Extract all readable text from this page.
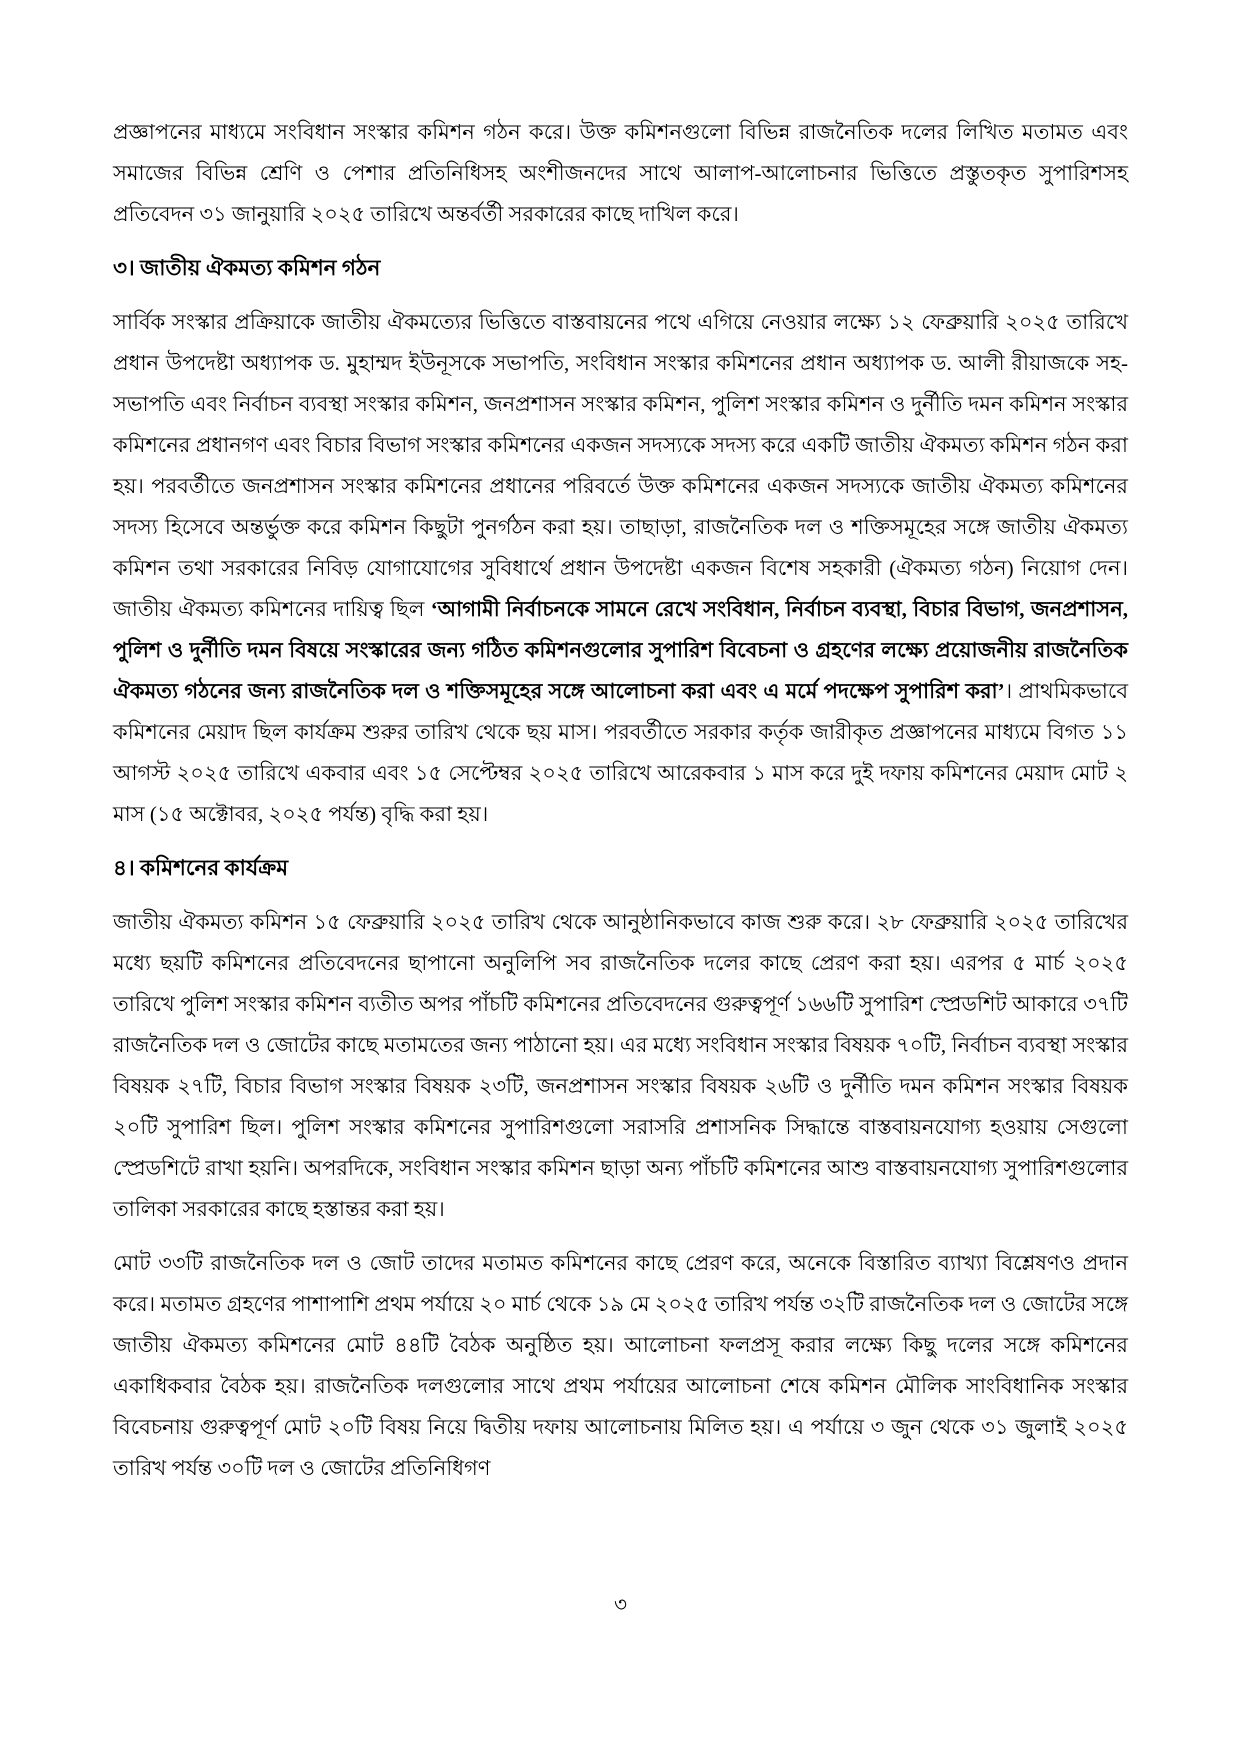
প্রজ্ঞাপনের মাধ্যমে সংবিধান সংস্কার কমিশন গঠন করে। উক্ত কমিশনগুলো বিভিন্ন রাজনৈতিক দলের লিখিত মতামত এবং সমাজের বিভিন্ন শ্রেণি ও পেশার প্রতিনিধিসহ অংশীজনদের সাথে আলাপ-আলোচনার ভিত্তিতে প্রস্তুতকৃত সুপারিশসহ প্রতিবেদন ৩১ জানুয়ারি ২০২৫ তারিখে অন্তর্বর্তী সরকারের কাছে দাখিল করে।

৩। জাতীয় ঐকমত্য কমিশন গঠন

সার্বিক সংস্কার প্রক্রিয়াকে জাতীয় ঐকমত্যের ভিত্তিতে বাস্তবায়নের পথে এগিয়ে নেওয়ার লক্ষ্যে ১২ ফেব্রুয়ারি ২০২৫ তারিখে প্রধান উপদেষ্টা অধ্যাপক ড. মুহাম্মদ ইউনূসকে সভাপতি, সংবিধান সংস্কার কমিশনের প্রধান অধ্যাপক ড. আলী রীয়াজকে সহ-সভাপতি এবং নির্বাচন ব্যবস্থা সংস্কার কমিশন, জনপ্রশাসন সংস্কার কমিশন, পুলিশ সংস্কার কমিশন ও দুর্নীতি দমন কমিশন সংস্কার কমিশনের প্রধানগণ এবং বিচার বিভাগ সংস্কার কমিশনের একজন সদস্যকে সদস্য করে একটি জাতীয় ঐকমত্য কমিশন গঠন করা হয়। পরবর্তীতে জনপ্রশাসন সংস্কার কমিশনের প্রধানের পরিবর্তে উক্ত কমিশনের একজন সদস্যকে জাতীয় ঐকমত্য কমিশনের সদস্য হিসেবে অন্তর্ভুক্ত করে কমিশন কিছুটা পুনর্গঠন করা হয়। তাছাড়া, রাজনৈতিক দল ও শক্তিসমূহের সঙ্গে জাতীয় ঐকমত্য কমিশন তথা সরকারের নিবিড় যোগাযোগের সুবিধার্থে প্রধান উপদেষ্টা একজন বিশেষ সহকারী (ঐকমত্য গঠন) নিয়োগ দেন। জাতীয় ঐকমত্য কমিশনের দায়িত্ব ছিল ‘আগামী নির্বাচনকে সামনে রেখে সংবিধান, নির্বাচন ব্যবস্থা, বিচার বিভাগ, জনপ্রশাসন, পুলিশ ও দুর্নীতি দমন বিষয়ে সংস্কারের জন্য গঠিত কমিশনগুলোর সুপারিশ বিবেচনা ও গ্রহণের লক্ষ্যে প্রয়োজনীয় রাজনৈতিক ঐকমত্য গঠনের জন্য রাজনৈতিক দল ও শক্তিসমূহের সঙ্গে আলোচনা করা এবং এ মর্মে পদক্ষেপ সুপারিশ করা’। প্রাথমিকভাবে কমিশনের মেয়াদ ছিল কার্যক্রম শুরুর তারিখ থেকে ছয় মাস। পরবর্তীতে সরকার কর্তৃক জারীকৃত প্রজ্ঞাপনের মাধ্যমে বিগত ১১ আগস্ট ২০২৫ তারিখে একবার এবং ১৫ সেপ্টেম্বর ২০২৫ তারিখে আরেকবার ১ মাস করে দুই দফায় কমিশনের মেয়াদ মোট ২ মাস (১৫ অক্টোবর, ২০২৫ পর্যন্ত) বৃদ্ধি করা হয়।

৪। কমিশনের কার্যক্রম

জাতীয় ঐকমত্য কমিশন ১৫ ফেব্রুয়ারি ২০২৫ তারিখ থেকে আনুষ্ঠানিকভাবে কাজ শুরু করে। ২৮ ফেব্রুয়ারি ২০২৫ তারিখের মধ্যে ছয়টি কমিশনের প্রতিবেদনের ছাপানো অনুলিপি সব রাজনৈতিক দলের কাছে প্রেরণ করা হয়। এরপর ৫ মার্চ ২০২৫ তারিখে পুলিশ সংস্কার কমিশন ব্যতীত অপর পাঁচটি কমিশনের প্রতিবেদনের গুরুত্বপূর্ণ ১৬৬টি সুপারিশ স্প্রেডশিট আকারে ৩৭টি রাজনৈতিক দল ও জোটের কাছে মতামতের জন্য পাঠানো হয়। এর মধ্যে সংবিধান সংস্কার বিষয়ক ৭০টি, নির্বাচন ব্যবস্থা সংস্কার বিষয়ক ২৭টি, বিচার বিভাগ সংস্কার বিষয়ক ২৩টি, জনপ্রশাসন সংস্কার বিষয়ক ২৬টি ও দুর্নীতি দমন কমিশন সংস্কার বিষয়ক ২০টি সুপারিশ ছিল। পুলিশ সংস্কার কমিশনের সুপারিশগুলো সরাসরি প্রশাসনিক সিদ্ধান্তে বাস্তবায়নযোগ্য হওয়ায় সেগুলো স্প্রেডশিটে রাখা হয়নি। অপরদিকে, সংবিধান সংস্কার কমিশন ছাড়া অন্য পাঁচটি কমিশনের আশু বাস্তবায়নযোগ্য সুপারিশগুলোর তালিকা সরকারের কাছে হস্তান্তর করা হয়।

মোট ৩৩টি রাজনৈতিক দল ও জোট তাদের মতামত কমিশনের কাছে প্রেরণ করে, অনেকে বিস্তারিত ব্যাখ্যা বিশ্লেষণও প্রদান করে। মতামত গ্রহণের পাশাপাশি প্রথম পর্যায়ে ২০ মার্চ থেকে ১৯ মে ২০২৫ তারিখ পর্যন্ত ৩২টি রাজনৈতিক দল ও জোটের সঙ্গে জাতীয় ঐকমত্য কমিশনের মোট ৪৪টি বৈঠক অনুষ্ঠিত হয়। আলোচনা ফলপ্রসূ করার লক্ষ্যে কিছু দলের সঙ্গে কমিশনের একাধিকবার বৈঠক হয়। রাজনৈতিক দলগুলোর সাথে প্রথম পর্যায়ের আলোচনা শেষে কমিশন মৌলিক সাংবিধানিক সংস্কার বিবেচনায় গুরুত্বপূর্ণ মোট ২০টি বিষয় নিয়ে দ্বিতীয় দফায় আলোচনায় মিলিত হয়। এ পর্যায়ে ৩ জুন থেকে ৩১ জুলাই ২০২৫ তারিখ পর্যন্ত ৩০টি দল ও জোটের প্রতিনিধিগণ

৩
